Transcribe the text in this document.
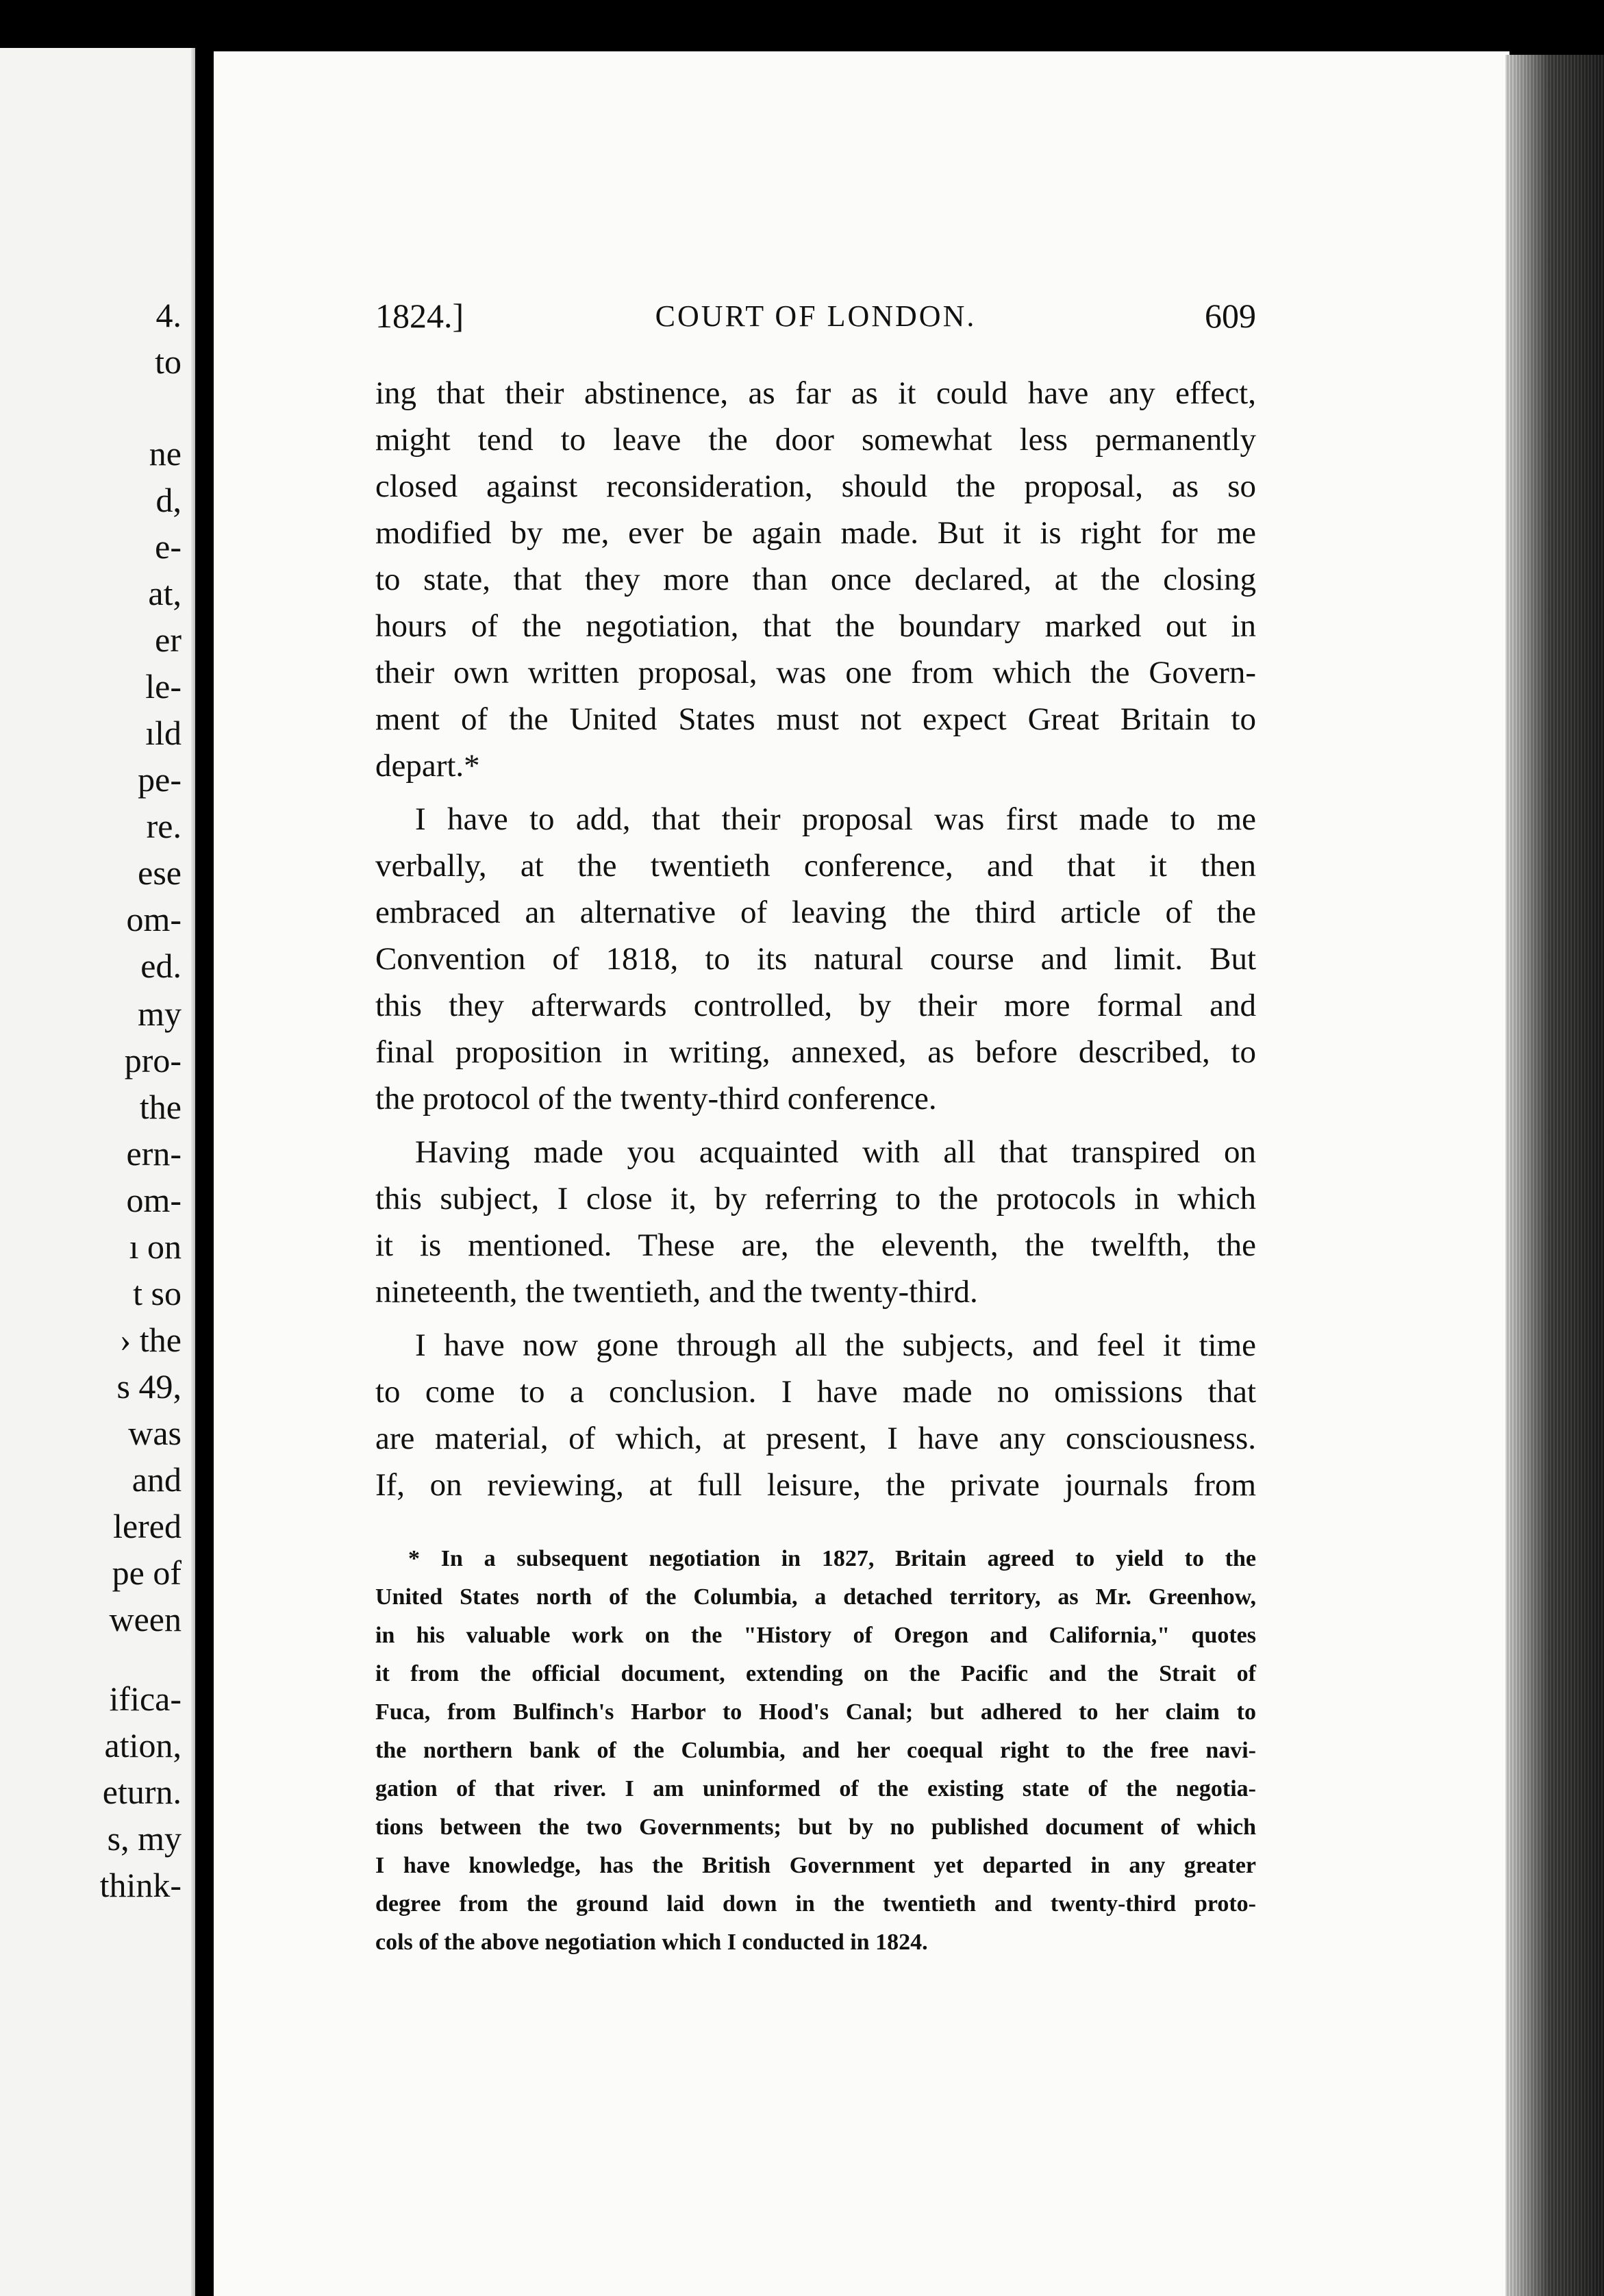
4.
to
ne
d,
e-
at,
er
le-
ıld
pe-
re.
ese
om-
ed.
my
pro-
the
ern-
om-
ı on
t so
› the
s 49,
was
and
lered
pe of
ween
ifica-
ation,
eturn.
s, my
think-
1824.]	COURT OF LONDON.	609
ing that their abstinence, as far as it could have any effect,
might tend to leave the door somewhat less permanently
closed against reconsideration, should the proposal, as so
modified by me, ever be again made. But it is right for me
to state, that they more than once declared, at the closing
hours of the negotiation, that the boundary marked out in
their own written proposal, was one from which the Govern-
ment of the United States must not expect Great Britain to
depart.*
I have to add, that their proposal was first made to me
verbally, at the twentieth conference, and that it then
embraced an alternative of leaving the third article of the
Convention of 1818, to its natural course and limit. But
this they afterwards controlled, by their more formal and
final proposition in writing, annexed, as before described, to
the protocol of the twenty-third conference.
Having made you acquainted with all that transpired on
this subject, I close it, by referring to the protocols in which
it is mentioned. These are, the eleventh, the twelfth, the
nineteenth, the twentieth, and the twenty-third.
I have now gone through all the subjects, and feel it time
to come to a conclusion. I have made no omissions that
are material, of which, at present, I have any consciousness.
If, on reviewing, at full leisure, the private journals from
* In a subsequent negotiation in 1827, Britain agreed to yield to the
United States north of the Columbia, a detached territory, as Mr. Greenhow,
in his valuable work on the "History of Oregon and California," quotes
it from the official document, extending on the Pacific and the Strait of
Fuca, from Bulfinch's Harbor to Hood's Canal; but adhered to her claim to
the northern bank of the Columbia, and her coequal right to the free navi-
gation of that river. I am uninformed of the existing state of the negotia-
tions between the two Governments; but by no published document of which
I have knowledge, has the British Government yet departed in any greater
degree from the ground laid down in the twentieth and twenty-third proto-
cols of the above negotiation which I conducted in 1824.
